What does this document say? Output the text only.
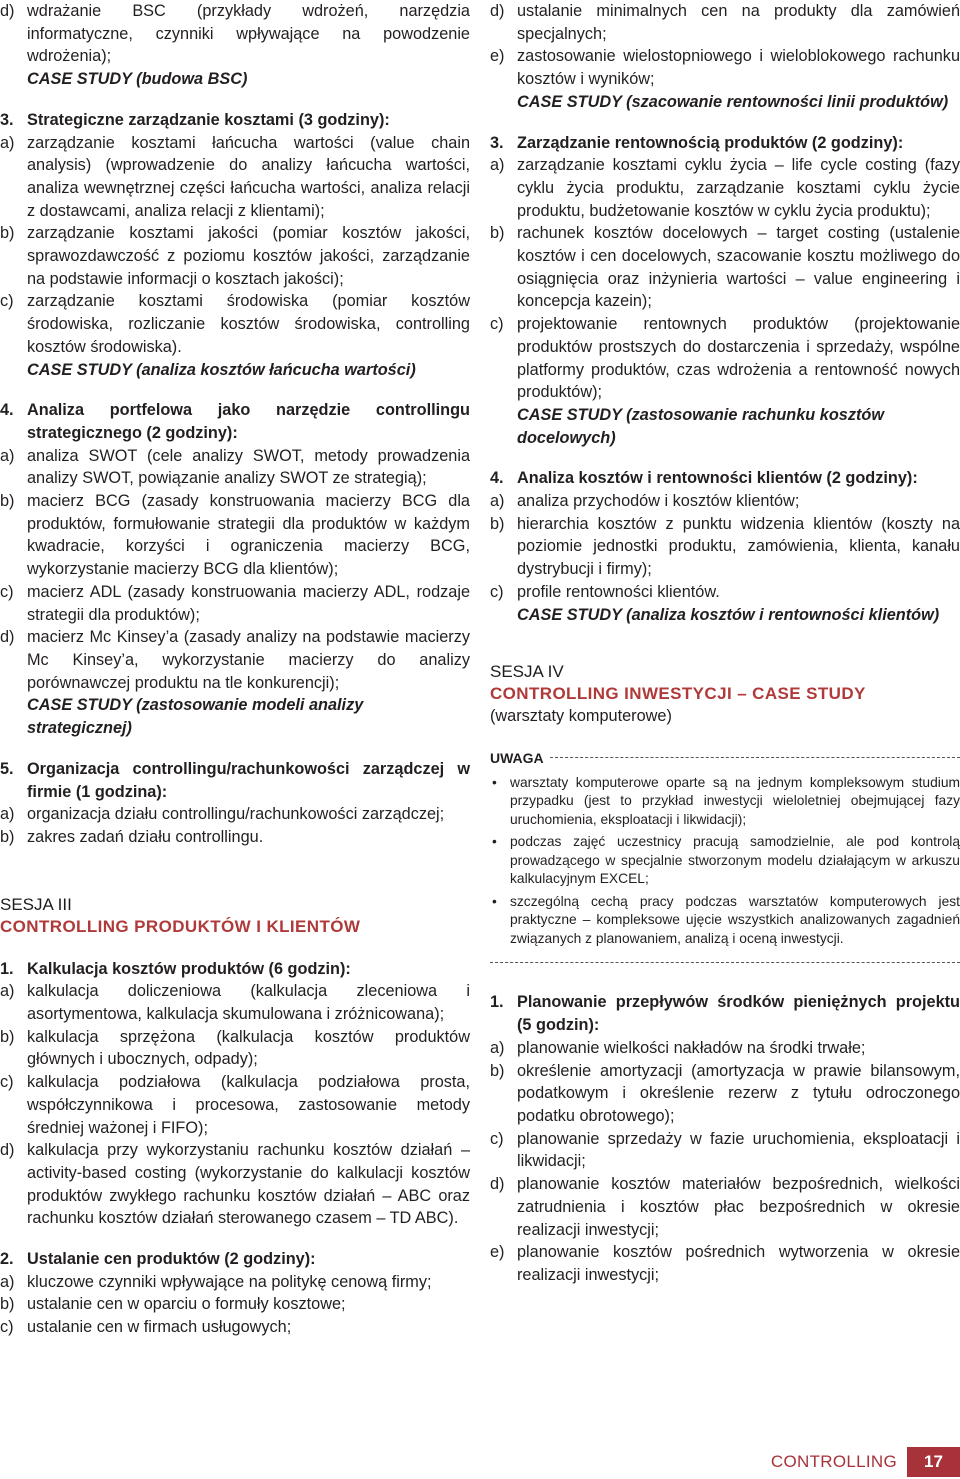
d) wdrażanie BSC (przykłady wdrożeń, narzędzia informatyczne, czynniki wpływające na powodzenie wdrożenia);
CASE STUDY (budowa BSC)
3. Strategiczne zarządzanie kosztami (3 godziny):
a) zarządzanie kosztami łańcucha wartości (value chain analysis) (wprowadzenie do analizy łańcucha wartości, analiza wewnętrznej części łańcucha wartości, analiza relacji z dostawcami, analiza relacji z klientami);
b) zarządzanie kosztami jakości (pomiar kosztów jakości, sprawozdawczość z poziomu kosztów jakości, zarządzanie na podstawie informacji o kosztach jakości);
c) zarządzanie kosztami środowiska (pomiar kosztów środowiska, rozliczanie kosztów środowiska, controlling kosztów środowiska).
CASE STUDY (analiza kosztów łańcucha wartości)
4. Analiza portfelowa jako narzędzie controllingu strategicznego (2 godziny):
a) analiza SWOT (cele analizy SWOT, metody prowadzenia analizy SWOT, powiązanie analizy SWOT ze strategią);
b) macierz BCG (zasady konstruowania macierzy BCG dla produktów, formułowanie strategii dla produktów w każdym kwadracie, korzyści i ograniczenia macierzy BCG, wykorzystanie macierzy BCG dla klientów);
c) macierz ADL (zasady konstruowania macierzy ADL, rodzaje strategii dla produktów);
d) macierz Mc Kinsey’a (zasady analizy na podstawie macierzy Mc Kinsey’a, wykorzystanie macierzy do analizy porównawczej produktu na tle konkurencji);
CASE STUDY (zastosowanie modeli analizy strategicznej)
5. Organizacja controllingu/rachunkowości zarządczej w firmie (1 godzina):
a) organizacja działu controllingu/rachunkowości zarządczej;
b) zakres zadań działu controllingu.
SESJA III
CONTROLLING PRODUKTÓW I KLIENTÓW
1. Kalkulacja kosztów produktów (6 godzin):
a) kalkulacja doliczeniowa (kalkulacja zleceniowa i asortymentowa, kalkulacja skumulowana i zróżnicowana);
b) kalkulacja sprzężona (kalkulacja kosztów produktów głównych i ubocznych, odpady);
c) kalkulacja podziałowa (kalkulacja podziałowa prosta, współczynnikowa i procesowa, zastosowanie metody średniej ważonej i FIFO);
d) kalkulacja przy wykorzystaniu rachunku kosztów działań – activity-based costing (wykorzystanie do kalkulacji kosztów produktów zwykłego rachunku kosztów działań – ABC oraz rachunku kosztów działań sterowanego czasem – TD ABC).
2. Ustalanie cen produktów (2 godziny):
a) kluczowe czynniki wpływające na politykę cenową firmy;
b) ustalanie cen w oparciu o formuły kosztowe;
c) ustalanie cen w firmach usługowych;
d) ustalanie minimalnych cen na produkty dla zamówień specjalnych;
e) zastosowanie wielostopniowego i wieloblokowego rachunku kosztów i wyników;
CASE STUDY (szacowanie rentowności linii produktów)
3. Zarządzanie rentownością produktów (2 godziny):
a) zarządzanie kosztami cyklu życia – life cycle costing (fazy cyklu życia produktu, zarządzanie kosztami cyklu życie produktu, budżetowanie kosztów w cyklu życia produktu);
b) rachunek kosztów docelowych – target costing (ustalenie kosztów i cen docelowych, szacowanie kosztu możliwego do osiągnięcia oraz inżynieria wartości – value engineering i koncepcja kazein);
c) projektowanie rentownych produktów (projektowanie produktów prostszych do dostarczenia i sprzedaży, wspólne platformy produktów, czas wdrożenia a rentowność nowych produktów);
CASE STUDY (zastosowanie rachunku kosztów docelowych)
4. Analiza kosztów i rentowności klientów (2 godziny):
a) analiza przychodów i kosztów klientów;
b) hierarchia kosztów z punktu widzenia klientów (koszty na poziomie jednostki produktu, zamówienia, klienta, kanału dystrybucji i firmy);
c) profile rentowności klientów.
CASE STUDY (analiza kosztów i rentowności klientów)
SESJA IV
CONTROLLING INWESTYCJI – CASE STUDY
(warsztaty komputerowe)
UWAGA
• warsztaty komputerowe oparte są na jednym kompleksowym studium przypadku (jest to przykład inwestycji wieloletniej obejmującej fazy uruchomienia, eksploatacji i likwidacji);
• podczas zajęć uczestnicy pracują samodzielnie, ale pod kontrolą prowadzącego w specjalnie stworzonym modelu działającym w arkuszu kalkulacyjnym EXCEL;
• szczególną cechą pracy podczas warsztatów komputerowych jest praktyczne – kompleksowe ujęcie wszystkich analizowanych zagadnień związanych z planowaniem, analizą i oceną inwestycji.
1. Planowanie przepływów środków pieniężnych projektu (5 godzin):
a) planowanie wielkości nakładów na środki trwałe;
b) określenie amortyzacji (amortyzacja w prawie bilansowym, podatkowym i określenie rezerw z tytułu odroczonego podatku obrotowego);
c) planowanie sprzedaży w fazie uruchomienia, eksploatacji i likwidacji;
d) planowanie kosztów materiałów bezpośrednich, wielkości zatrudnienia i kosztów płac bezpośrednich w okresie realizacji inwestycji;
e) planowanie kosztów pośrednich wytworzenia w okresie realizacji inwestycji;
CONTROLLING	17
